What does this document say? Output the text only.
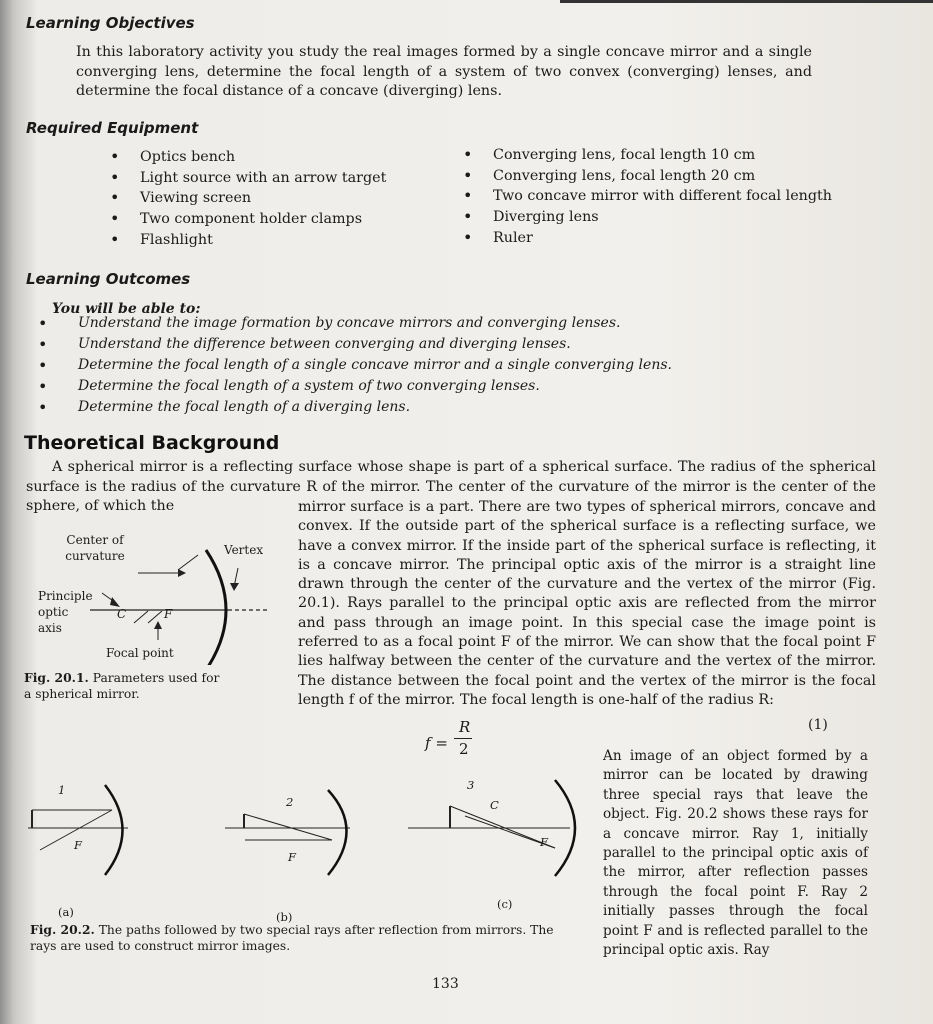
Learning Objectives
In this laboratory activity you study the real images formed by a single concave mirror and a single converging lens, determine the focal length of a system of two convex (converging) lenses, and determine the focal distance of a concave (diverging) lens.
Required Equipment
• Optics bench
• Light source with an arrow target
• Viewing screen
• Two component holder clamps
• Flashlight
• Converging lens, focal length 10 cm
• Converging lens, focal length 20 cm
• Two concave mirror with different focal length
• Diverging lens
• Ruler
Learning Outcomes
You will be able to:
• Understand the image formation by concave mirrors and converging lenses.
• Understand the difference between converging and diverging lenses.
• Determine the focal length of a single concave mirror and a single converging lens.
• Determine the focal length of a system of two converging lenses.
• Determine the focal length of a diverging lens.
Theoretical Background
A spherical mirror is a reflecting surface whose shape is part of a spherical surface. The radius of the spherical surface is the radius of the curvature R of the mirror. The center of the curvature of the mirror is the center of the sphere, of which the	mirror surface is a part. There are two types of spherical mirrors, concave and convex. If the outside part of the spherical surface is a reflecting surface, we have a convex mirror. If the inside part of the spherical surface is reflecting, it is a concave mirror. The principal optic axis of the mirror is a straight line drawn through the center of the curvature and the vertex of the mirror (Fig. 20.1). Rays parallel to the principal optic axis are reflected from the mirror and pass through an image point. In this special case the image point is referred to as a focal point F of the mirror. We can show that the focal point F lies halfway between the center of the curvature and the vertex of the mirror. The distance between the focal point and the vertex of the mirror is the focal length f of the mirror. The focal length is one-half of the radius R:
Center of curvature	Vertex
Principle optic axis
C	F
Focal point
Fig. 20.1. Parameters used for a spherical mirror.
f =
R
2
(1)
1
F
(a)
2
F
(b)
3
C
F
(c)
Fig. 20.2. The paths followed by two special rays after reflection from mirrors. The rays are used to construct mirror images.
An image of an object formed by a mirror can be located by drawing three special rays that leave the object. Fig. 20.2 shows these rays for a concave mirror. Ray 1, initially parallel to the principal optic axis of the mirror, after reflection passes through the focal point F. Ray 2 initially passes through the focal point F and is reflected parallel to the principal optic axis. Ray
133
